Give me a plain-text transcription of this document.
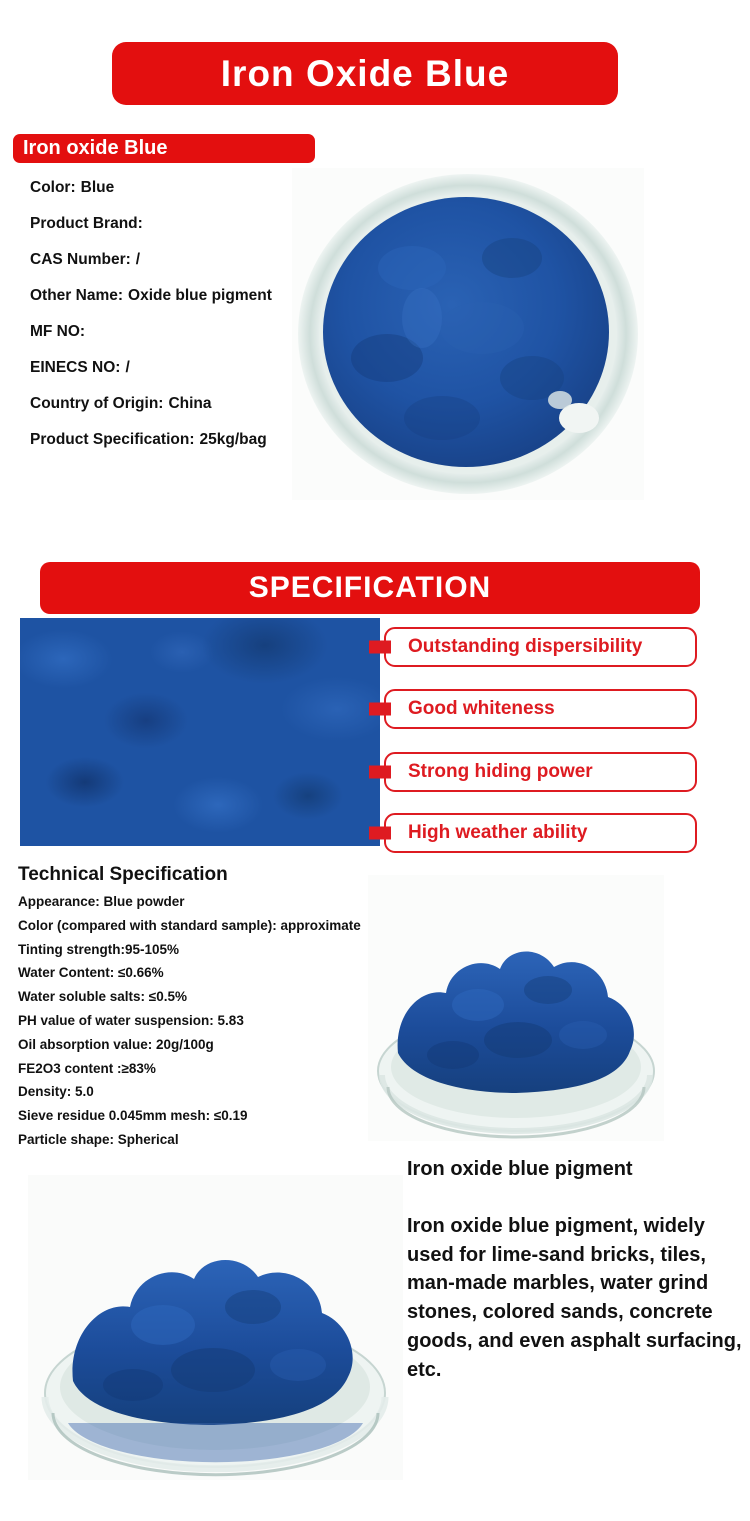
Iron Oxide Blue
Iron oxide Blue
Color: Blue
Product Brand:
CAS Number: /
Other Name: Oxide blue pigment
MF NO:
EINECS NO: /
Country of Origin: China
Product Specification: 25kg/bag
SPECIFICATION
Outstanding dispersibility
Good whiteness
Strong hiding power
High weather ability
Technical Specification
Appearance: Blue powder
Color (compared with standard sample): approximate
Tinting strength:95-105%
Water Content: ≤0.66%
Water soluble salts: ≤0.5%
PH value of water suspension: 5.83
Oil absorption value: 20g/100g
FE2O3 content :≥83%
Density: 5.0
Sieve residue 0.045mm mesh: ≤0.19
Particle shape: Spherical
Iron oxide blue pigment
Iron oxide blue pigment, widely used for lime-sand bricks, tiles, man-made marbles, water grind stones, colored sands, concrete goods, and even asphalt surfacing, etc.
